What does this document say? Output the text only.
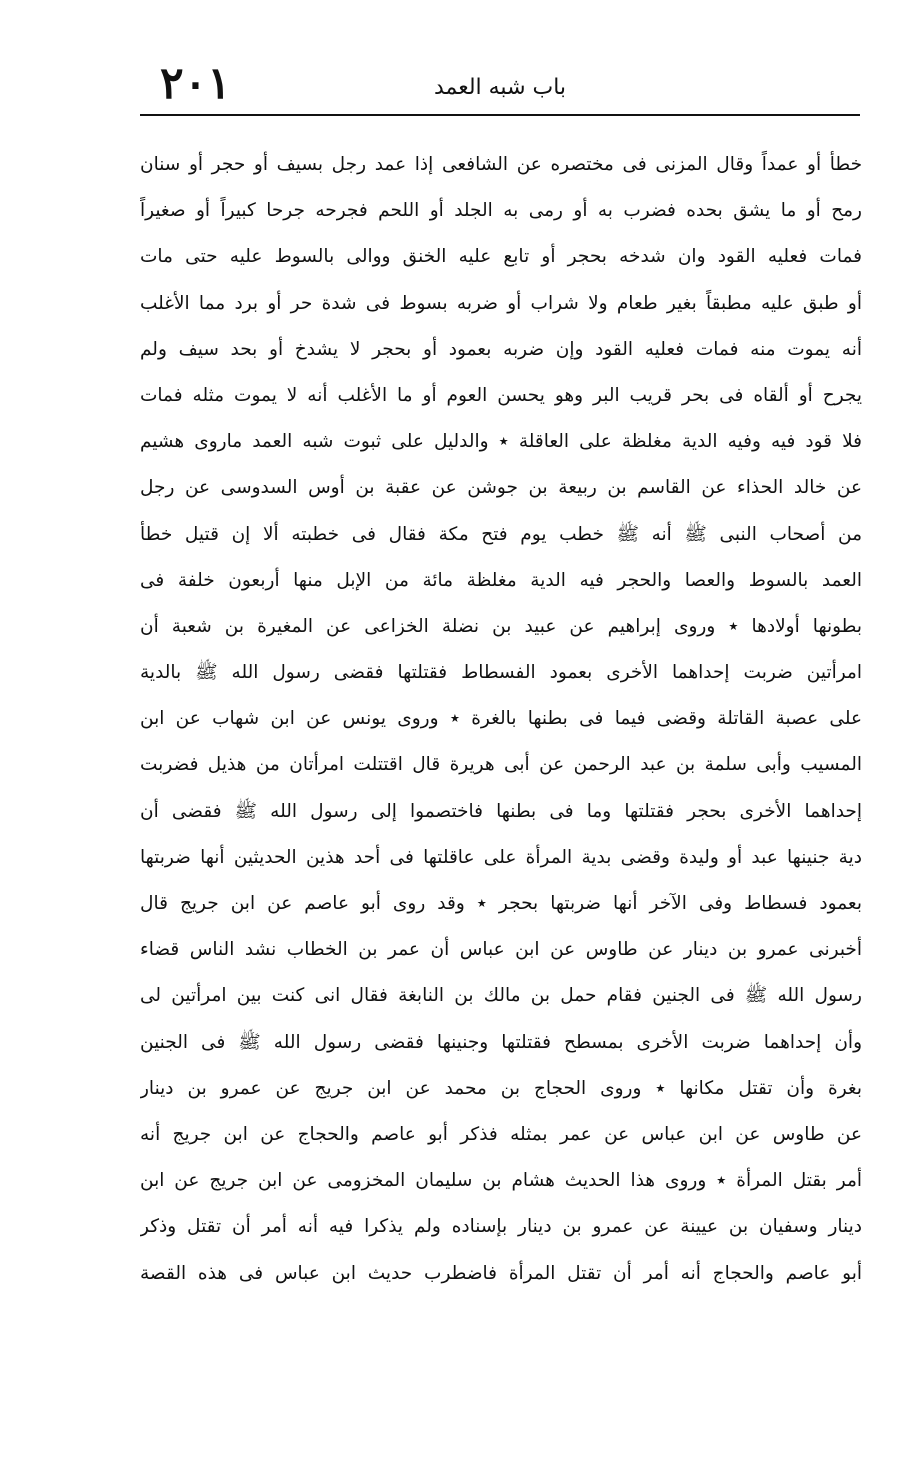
٢٠١	باب شبه العمد
خطأ أو عمداً وقال المزنى فى مختصره عن الشافعى إذا عمد رجل بسيف أو حجر أو سنان
رمح أو ما يشق بحده فضرب به أو رمى به الجلد أو اللحم فجرحه جرحا كبيراً أو صغيراً
فمات فعليه القود وان شدخه بحجر أو تابع عليه الخنق ووالى بالسوط عليه حتى مات
أو طبق عليه مطبقاً بغير طعام ولا شراب أو ضربه بسوط فى شدة حر أو برد مما الأغلب
أنه يموت منه فمات فعليه القود وإن ضربه بعمود أو بحجر لا يشدخ أو بحد سيف ولم
يجرح أو ألقاه فى بحر قريب البر وهو يحسن العوم أو ما الأغلب أنه لا يموت مثله فمات
فلا قود فيه وفيه الدية مغلظة على العاقلة ٭ والدليل على ثبوت شبه العمد ماروى هشيم
عن خالد الحذاء عن القاسم بن ربيعة بن جوشن عن عقبة بن أوس السدوسى عن رجل
من أصحاب النبى ﷺ أنه ﷺ خطب يوم فتح مكة فقال فى خطبته ألا إن قتيل خطأ
العمد بالسوط والعصا والحجر فيه الدية مغلظة مائة من الإبل منها أربعون خلفة فى
بطونها أولادها ٭ وروى إبراهيم عن عبيد بن نضلة الخزاعى عن المغيرة بن شعبة أن
امرأتين ضربت إحداهما الأخرى بعمود الفسطاط فقتلتها فقضى رسول الله ﷺ بالدية
على عصبة القاتلة وقضى فيما فى بطنها بالغرة ٭ وروى يونس عن ابن شهاب عن ابن
المسيب وأبى سلمة بن عبد الرحمن عن أبى هريرة قال اقتتلت امرأتان من هذيل فضربت
إحداهما الأخرى بحجر فقتلتها وما فى بطنها فاختصموا إلى رسول الله ﷺ فقضى أن
دية جنينها عبد أو وليدة وقضى بدية المرأة على عاقلتها فى أحد هذين الحديثين أنها ضربتها
بعمود فسطاط وفى الآخر أنها ضربتها بحجر ٭ وقد روى أبو عاصم عن ابن جريج قال
أخبرنى عمرو بن دينار عن طاوس عن ابن عباس أن عمر بن الخطاب نشد الناس قضاء
رسول الله ﷺ فى الجنين فقام حمل بن مالك بن النابغة فقال انى كنت بين امرأتين لى
وأن إحداهما ضربت الأخرى بمسطح فقتلتها وجنينها فقضى رسول الله ﷺ فى الجنين
بغرة وأن تقتل مكانها ٭ وروى الحجاج بن محمد عن ابن جريج عن عمرو بن دينار
عن طاوس عن ابن عباس عن عمر بمثله فذكر أبو عاصم والحجاج عن ابن جريج أنه
أمر بقتل المرأة ٭ وروى هذا الحديث هشام بن سليمان المخزومى عن ابن جريج عن ابن
دينار وسفيان بن عيينة عن عمرو بن دينار بإسناده ولم يذكرا فيه أنه أمر أن تقتل وذكر
أبو عاصم والحجاج أنه أمر أن تقتل المرأة فاضطرب حديث ابن عباس فى هذه القصة
